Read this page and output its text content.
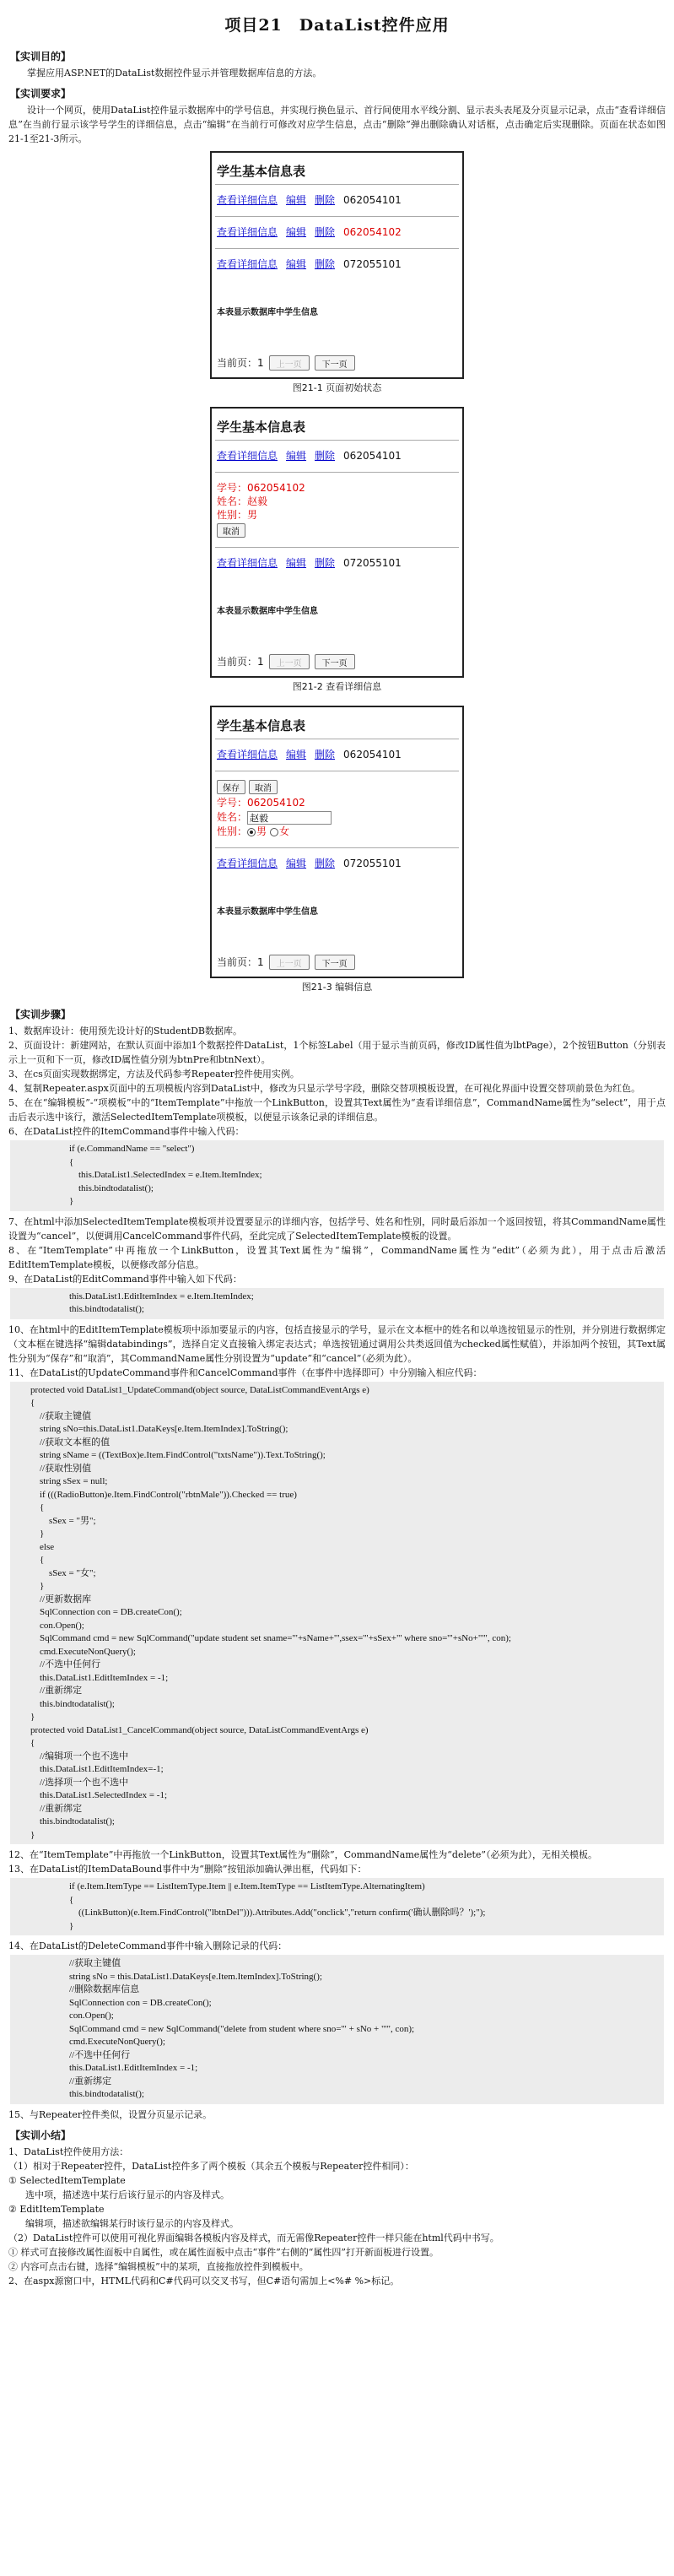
项目21　DataList控件应用
【实训目的】
掌握应用ASP.NET的DataList数据控件显示并管理数据库信息的方法。
【实训要求】
设计一个网页，使用DataList控件显示数据库中的学号信息，并实现行换色显示、首行间使用水平线分割、显示表头表尾及分页显示记录，点击“查看详细信息”在当前行显示该学号学生的详细信息，点击“编辑”在当前行可修改对应学生信息，点击“删除”弹出删除确认对话框，点击确定后实现删除。页面在状态如图21-1至21-3所示。
学生基本信息表
查看详细信息 编辑 删除 062054101
查看详细信息 编辑 删除 062054102
查看详细信息 编辑 删除 072055101
本表显示数据库中学生信息
当前页：1	上一页	下一页
图21-1 页面初始状态
学生基本信息表
查看详细信息 编辑 删除 062054101
学号：062054102
姓名：赵毅
性别：男
取消
查看详细信息 编辑 删除 072055101
本表显示数据库中学生信息
当前页：1	上一页	下一页
图21-2 查看详细信息
学生基本信息表
查看详细信息 编辑 删除 062054101
保存	取消
学号：062054102
姓名：
赵毅
性别： 男 女
查看详细信息 编辑 删除 072055101
本表显示数据库中学生信息
当前页：1	上一页	下一页
图21-3 编辑信息
【实训步骤】
1、数据库设计：使用预先设计好的StudentDB数据库。
2、页面设计：新建网站，在默认页面中添加1个数据控件DataList，1个标签Label（用于显示当前页码，修改ID属性值为lbtPage），2个按钮Button（分别表示上一页和下一页，修改ID属性值分别为btnPre和btnNext）。
3、在cs页面实现数据绑定，方法及代码参考Repeater控件使用实例。
4、复制Repeater.aspx页面中的五项模板内容到DataList中，修改为只显示学号字段，删除交替项模板设置，在可视化界面中设置交替项前景色为红色。
5、在在“编辑模板”-“项模板”中的“ItemTemplate”中拖放一个LinkButton，设置其Text属性为“查看详细信息”，CommandName属性为“select”，用于点击后表示选中该行，激活SelectedItemTemplate项模板，以便显示该条记录的详细信息。
6、在DataList控件的ItemCommand事件中输入代码：
if (e.CommandName == "select")
{
this.DataList1.SelectedIndex = e.Item.ItemIndex;
this.bindtodatalist();
}
7、在html中添加SelectedItemTemplate模板项并设置要显示的详细内容，包括学号、姓名和性别，同时最后添加一个返回按钮，将其CommandName属性设置为“cancel”，以便调用CancelCommand事件代码，至此完成了SelectedItemTemplate模板的设置。
8、在“ItemTemplate”中再拖放一个LinkButton，设置其Text属性为“编辑”，CommandName属性为“edit”（必须为此），用于点击后激活EditItemTemplate模板，以便修改部分信息。
9、在DataList的EditCommand事件中输入如下代码：
this.DataList1.EditItemIndex = e.Item.ItemIndex;
this.bindtodatalist();
10、在html中的EditItemTemplate模板项中添加要显示的内容，包括直接显示的学号，显示在文本框中的姓名和以单选按钮显示的性别，并分别进行数据绑定（文本框在键选择“编辑databindings”，选择自定义直接输入绑定表达式；单选按钮通过调用公共类返回值为checked属性赋值），并添加两个按钮，其Text属性分别为“保存”和“取消”，其CommandName属性分别设置为“update”和“cancel”（必须为此）。
11、在DataList的UpdateCommand事件和CancelCommand事件（在事件中选择即可）中分别输入相应代码：
protected void DataList1_UpdateCommand(object source, DataListCommandEventArgs e)
{
//获取主键值
string sNo=this.DataList1.DataKeys[e.Item.ItemIndex].ToString();
//获取文本框的值
string sName = ((TextBox)e.Item.FindControl("txtsName")).Text.ToString();
//获取性别值
string sSex = null;
if (((RadioButton)e.Item.FindControl("rbtnMale")).Checked == true)
{
sSex = "男";
}
else
{
sSex = "女";
}
//更新数据库
SqlConnection con = DB.createCon();
con.Open();
SqlCommand cmd = new SqlCommand("update student set sname='"+sName+"',ssex='"+sSex+"' where sno='"+sNo+"'", con);
cmd.ExecuteNonQuery();
//不选中任何行
this.DataList1.EditItemIndex = -1;
//重新绑定
this.bindtodatalist();
}
protected void DataList1_CancelCommand(object source, DataListCommandEventArgs e)
{
//编辑项一个也不选中
this.DataList1.EditItemIndex=-1;
//选择项一个也不选中
this.DataList1.SelectedIndex = -1;
//重新绑定
this.bindtodatalist();
}
12、在“ItemTemplate”中再拖放一个LinkButton，设置其Text属性为“删除”，CommandName属性为“delete”（必须为此），无相关模板。
13、在DataList的ItemDataBound事件中为“删除”按钮添加确认弹出框，代码如下：
if (e.Item.ItemType == ListItemType.Item || e.Item.ItemType == ListItemType.AlternatingItem)
{
((LinkButton)(e.Item.FindControl("lbtnDel"))).Attributes.Add("onclick","return confirm('确认删除吗？');");
}
14、在DataList的DeleteCommand事件中输入删除记录的代码：
//获取主键值
string sNo = this.DataList1.DataKeys[e.Item.ItemIndex].ToString();
//删除数据库信息
SqlConnection con = DB.createCon();
con.Open();
SqlCommand cmd = new SqlCommand("delete from student where sno='" + sNo + "'", con);
cmd.ExecuteNonQuery();
//不选中任何行
this.DataList1.EditItemIndex = -1;
//重新绑定
this.bindtodatalist();
15、与Repeater控件类似，设置分页显示记录。
【实训小结】
1、DataList控件使用方法：
（1）相对于Repeater控件，DataList控件多了两个模板（其余五个模板与Repeater控件相同）：
① SelectedItemTemplate
选中项，描述选中某行后该行显示的内容及样式。
② EditItemTemplate
编辑项，描述欲编辑某行时该行显示的内容及样式。
（2）DataList控件可以使用可视化界面编辑各模板内容及样式，而无需像Repeater控件一样只能在html代码中书写。
① 样式可直接修改属性面板中自属性，或在属性面板中点击“事件”右侧的“属性四”打开新面板进行设置。
② 内容可点击右键，选择“编辑模板”中的某项，直接拖放控件到模板中。
2、在aspx源窗口中，HTML代码和C#代码可以交叉书写，但C#语句需加上<%# %>标记。
